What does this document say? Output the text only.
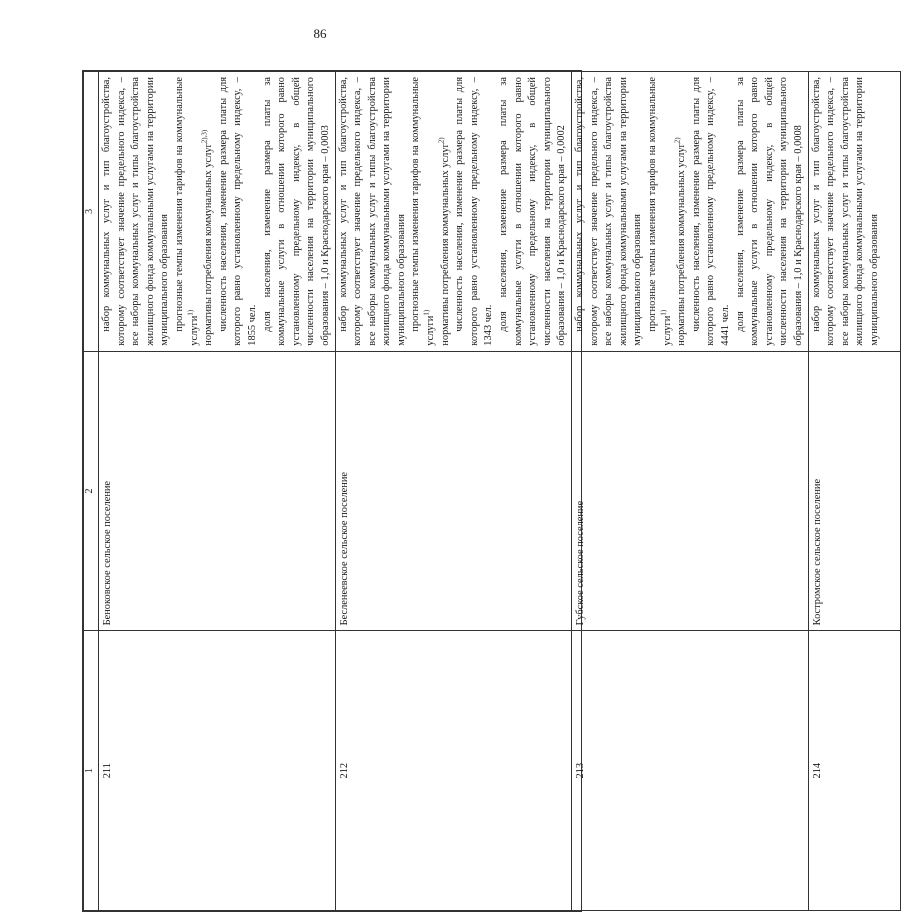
86
1	2	3
211	Беноковское сельское поселение	набор коммунальных услуг и тип благоустройства, которому соответствует значение предельного индекса, – все наборы коммунальных услуг и типы благоустройства жилищного фонда коммунальными услугами на территории муниципального образования прогнозные темпы изменения тарифов на коммунальные услуги$^{1)}$ нормативы потребления коммунальных услуг$^{2),3)}$ численность населения, изменение размера платы для которого равно установленному предельному индексу, – 1855 чел. доля населения, изменение размера платы за коммунальные услуги в отношении которого равно установленному предельному индексу, в общей численности населения на территории муниципального образования – 1,0 и Краснодарского края – 0,0003

212	Бесленеевское сельское поселение	набор коммунальных услуг и тип благоустройства, которому соответствует значение предельного индекса, – все наборы коммунальных услуг и типы благоустройства жилищного фонда коммунальными услугами на территории муниципального образования прогнозные темпы изменения тарифов на коммунальные услуги$^{1)}$ нормативы потребления коммунальных услуг$^{2)}$ численность населения, изменение размера платы для которого равно установленному предельному индексу, – 1343 чел. доля населения, изменение размера платы за коммунальные услуги в отношении которого равно установленному предельному индексу, в общей численности населения на территории муниципального образования – 1,0 и Краснодарского края – 0,0002

213	Губское сельское поселение	набор коммунальных услуг и тип благоустройства, которому соответствует значение предельного индекса, – все наборы коммунальных услуг и типы благоустройства жилищного фонда коммунальными услугами на территории муниципального образования прогнозные темпы изменения тарифов на коммунальные услуги$^{1)}$ нормативы потребления коммунальных услуг$^{2)}$ численность населения, изменение размера платы для которого равно установленному предельному индексу, – 4441 чел. доля населения, изменение размера платы за коммунальные услуги в отношении которого равно установленному предельному индексу, в общей численности населения на территории муниципального образования – 1,0 и Краснодарского края – 0,0008

214	Костромское сельское поселение	набор коммунальных услуг и тип благоустройства, которому соответствует значение предельного индекса, – все наборы коммунальных услуг и типы благоустройства жилищного фонда коммунальными услугами на территории муниципального образования
